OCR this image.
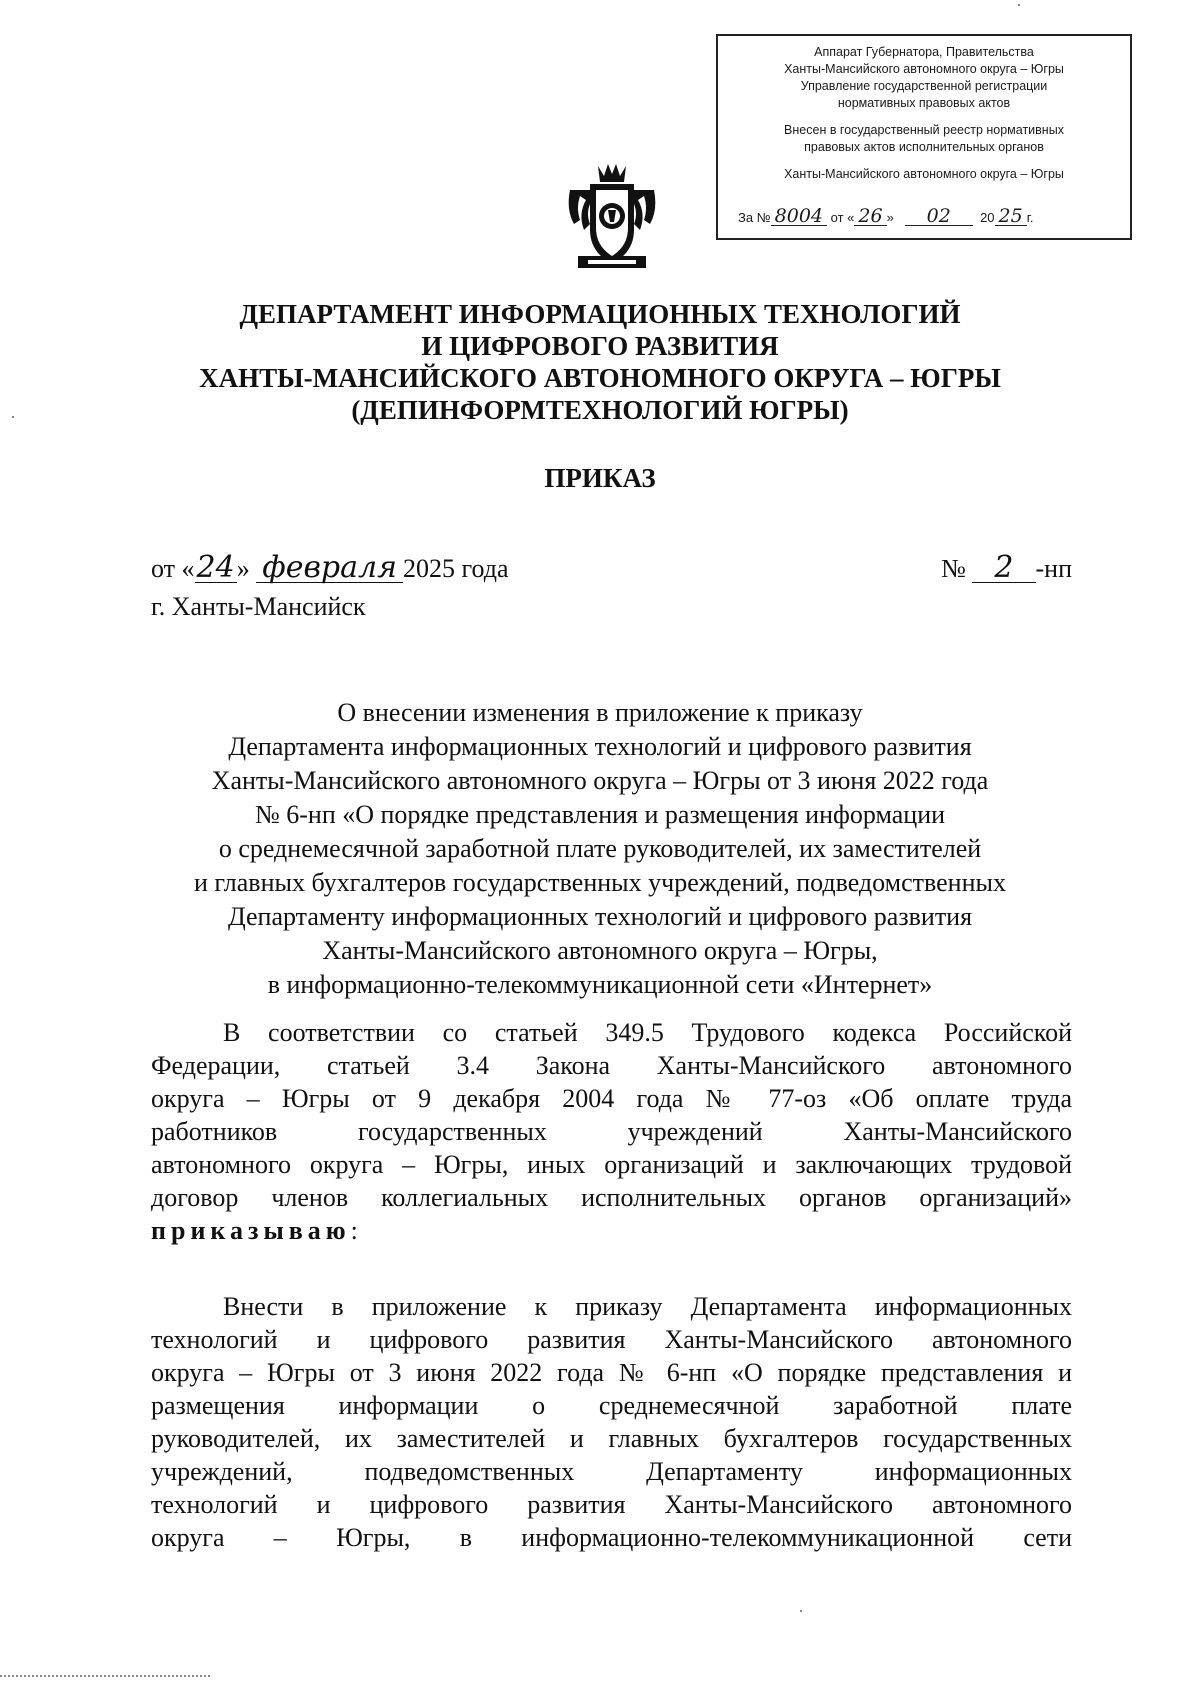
Аппарат Губернатора, Правительства
Ханты-Мансийского автономного округа – Югры
Управление государственной регистрации
нормативных правовых актов
Внесен в государственный реестр нормативных
правовых актов исполнительных органов
Ханты-Мансийского автономного округа – Югры
За № 8004 от « 26 »   02 20 25 г.
ДЕПАРТАМЕНТ ИНФОРМАЦИОННЫХ ТЕХНОЛОГИЙ
И ЦИФРОВОГО РАЗВИТИЯ
ХАНТЫ-МАНСИЙСКОГО АВТОНОМНОГО ОКРУГА – ЮГРЫ
(ДЕПИНФОРМТЕХНОЛОГИЙ ЮГРЫ)
ПРИКАЗ
от «24» февраля 2025 года	№ 2 -нп
г. Ханты-Мансийск
О внесении изменения в приложение к приказу
Департамента информационных технологий и цифрового развития
Ханты-Мансийского автономного округа – Югры от 3 июня 2022 года
№ 6-нп «О порядке представления и размещения информации
о среднемесячной заработной плате руководителей, их заместителей
и главных бухгалтеров государственных учреждений, подведомственных
Департаменту информационных технологий и цифрового развития
Ханты-Мансийского автономного округа – Югры,
в информационно-телекоммуникационной сети «Интернет»
В соответствии со статьей 349.5 Трудового кодекса Российской
Федерации, статьей 3.4 Закона Ханты-Мансийского автономного
округа – Югры от 9 декабря 2004 года № 77-оз «Об оплате труда
работников государственных учреждений Ханты-Мансийского
автономного округа – Югры, иных организаций и заключающих трудовой
договор членов коллегиальных исполнительных органов организаций»
приказываю:
Внести в приложение к приказу Департамента информационных
технологий и цифрового развития Ханты-Мансийского автономного
округа – Югры от 3 июня 2022 года № 6-нп «О порядке представления и
размещения информации о среднемесячной заработной плате
руководителей, их заместителей и главных бухгалтеров государственных
учреждений, подведомственных Департаменту информационных
технологий и цифрового развития Ханты-Мансийского автономного
округа – Югры, в информационно-телекоммуникационной сети
